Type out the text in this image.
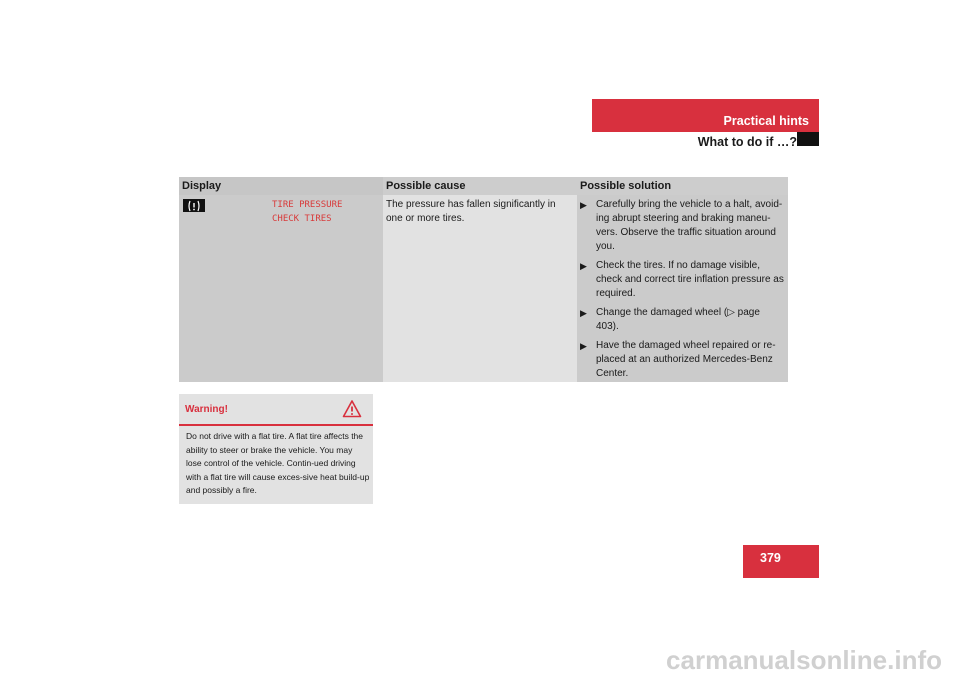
Practical hints
What to do if …?
Display
TIRE PRESSURE
CHECK TIRES
Possible cause
The pressure has fallen significantly in one or more tires.
Possible solution
▶ Carefully bring the vehicle to a halt, avoid-ing abrupt steering and braking maneu-vers. Observe the traffic situation around you.
▶ Check the tires. If no damage visible, check and correct tire inflation pressure as required.
▶ Change the damaged wheel (▷ page 403).
▶ Have the damaged wheel repaired or re-placed at an authorized Mercedes-Benz Center.
Warning!
Do not drive with a flat tire. A flat tire affects the ability to steer or brake the vehicle. You may lose control of the vehicle. Contin-ued driving with a flat tire will cause exces-sive heat build-up and possibly a fire.
379
carmanualsonline.info
